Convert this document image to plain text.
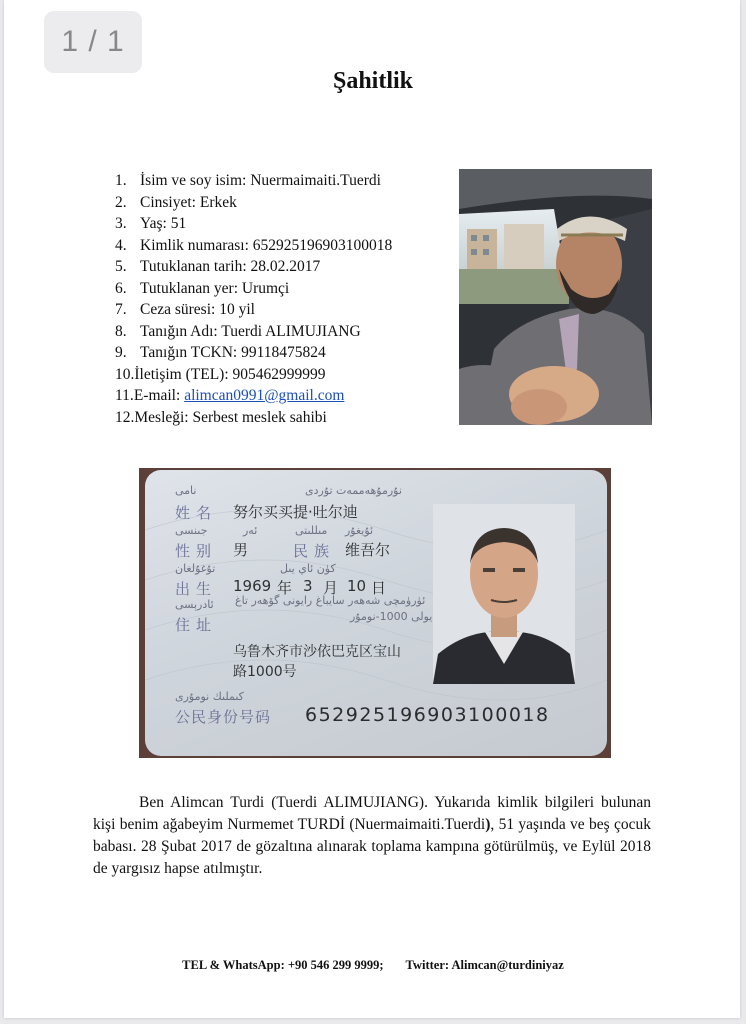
1 / 1
Şahitlik
1. İsim ve soy isim: Nuermaimaiti.Tuerdi
2. Cinsiyet: Erkek
3. Yaş: 51
4. Kimlik numarası: 652925196903100018
5. Tutuklanan tarih: 28.02.2017
6. Tutuklanan yer: Urumçi
7. Ceza süresi: 10 yil
8. Tanığın Adı: Tuerdi ALIMUJIANG
9. Tanığın TCKN: 99118475824
10.İletişim (TEL): 905462999999
11.E-mail: alimcan0991@gmail.com
12.Mesleği: Serbest meslek sahibi
نامى	نۇرمۇھەممەت تۇردى
姓名 努尔买买提·吐尔迪
جىنسى	ئەر	مىللىتى ئۇيغۇر
性别 男	民族 维吾尔
تۇغۇلغان	كۈن ئاي يىل
出生 1969 年 3 月 10 日
ئادرېسى ئۈرۈمچى شەھەر سايباغ رايونى گۆھەر تاغ
يولى 1000-نومۇر
住址
乌鲁木齐市沙依巴克区宝山
路1000号
كىملىك نومۇرى
公民身份号码 652925196903100018
Ben Alimcan Turdi (Tuerdi ALIMUJIANG). Yukarıda kimlik bilgileri bulunan kişi benim ağabeyim Nurmemet TURDİ (Nuermaimaiti.Tuerdi), 51 yaşında ve beş çocuk babası. 28 Şubat 2017 de gözaltına alınarak toplama kampına götürülmüş, ve Eylül 2018 de yargısız hapse atılmıştır.
TEL & WhatsApp: +90 546 299 9999; Twitter: Alimcan@turdiniyaz
